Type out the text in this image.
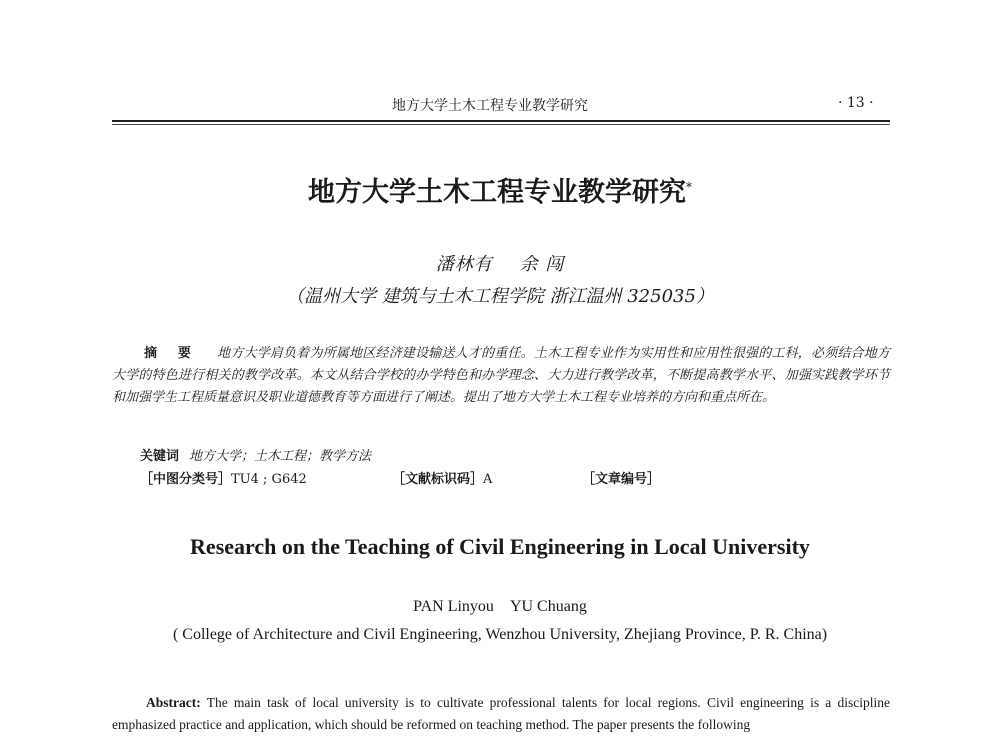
地方大学土木工程专业教学研究	· 13 ·
地方大学土木工程专业教学研究*
潘林有 余 闯
（温州大学 建筑与土木工程学院 浙江温州 325035）
摘 要 地方大学肩负着为所属地区经济建设输送人才的重任。土木工程专业作为实用性和应用性很强的工科，必须结合地方大学的特色进行相关的教学改革。本文从结合学校的办学特色和办学理念、大力进行教学改革，不断提高教学水平、加强实践教学环节和加强学生工程质量意识及职业道德教育等方面进行了阐述。提出了地方大学土木工程专业培养的方向和重点所在。
关键词 地方大学；土木工程；教学方法
［中图分类号］TU4 ; G642	［文献标识码］A	［文章编号］
Research on the Teaching of Civil Engineering in Local University
PAN Linyou YU Chuang
( College of Architecture and Civil Engineering, Wenzhou University, Zhejiang Province, P. R. China)
Abstract: The main task of local university is to cultivate professional talents for local regions. Civil engineering is a discipline emphasized practice and application, which should be reformed on teaching method. The paper presents the following
